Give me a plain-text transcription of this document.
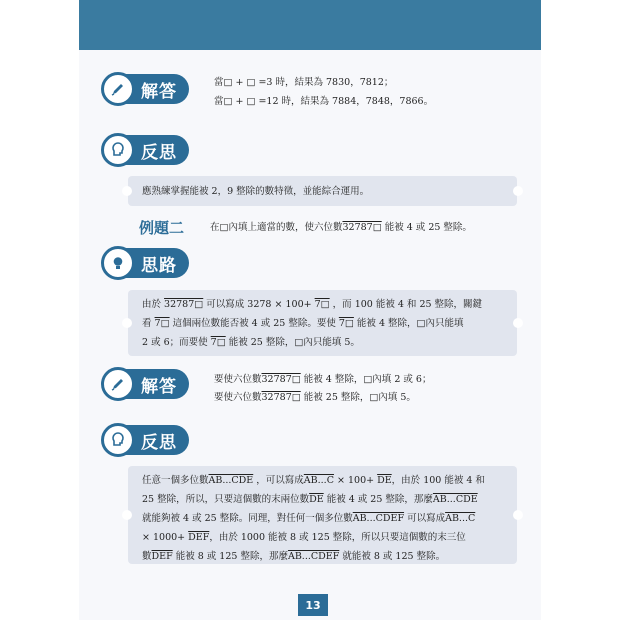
解答	當□ + □ =3 時，結果為 7830，7812；
當□ + □ =12 時，結果為 7884，7848，7866。
反思
應熟練掌握能被 2，9 整除的數特徵，並能綜合運用。
例題二	在□內填上適當的數，使六位數32787□ 能被 4 或 25 整除。
思路
由於 32787□ 可以寫成 3278 × 100+ 7□ ，而 100 能被 4 和 25 整除，關鍵
看 7□ 這個兩位數能否被 4 或 25 整除。要使 7□ 能被 4 整除，□內只能填
2 或 6；而要使 7□ 能被 25 整除，□內只能填 5。
解答	要使六位數32787□ 能被 4 整除，□內填 2 或 6；
要使六位數32787□ 能被 25 整除，□內填 5。
反思
任意一個多位數AB...CDE ，可以寫成$AB...C \times 100+ \overline{DE}$，由於 100 能被 4 和
25 整除，所以，只要這個數的末兩位數$\overline{DE}$ 能被 4 或 25 整除，那麼AB...CDE
就能夠被 4 或 25 整除。同理，對任何一個多位數AB...CDEF 可以寫成AB...C
× $1000+ \overline{DEF}$，由於 1000 能被 8 或 125 整除，所以只要這個數的末三位
數$\overline{DEF}$ 能被 8 或 125 整除，那麼AB...CDEF 就能被 8 或 125 整除。
13
